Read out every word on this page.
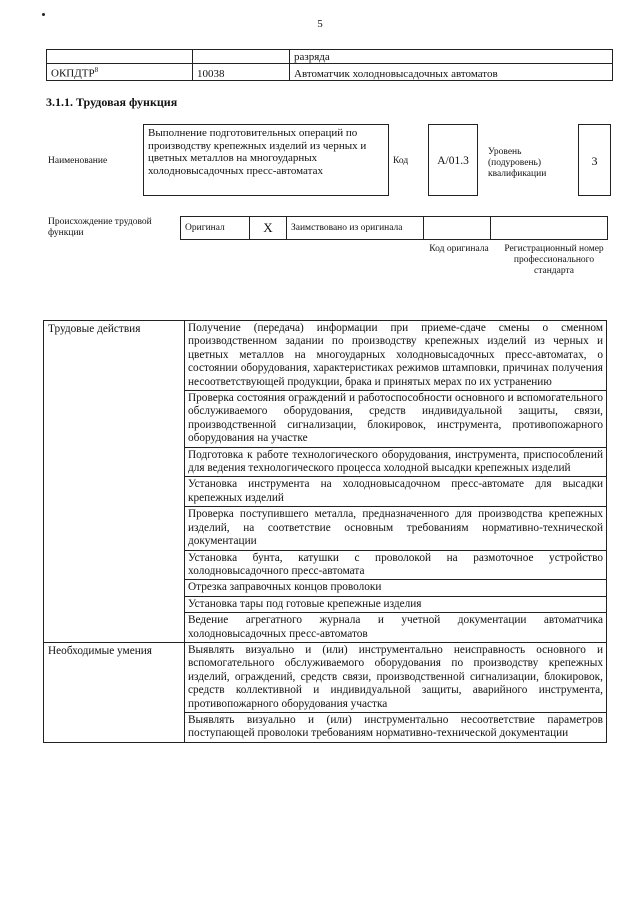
5
		разряда
ОКПДТР$^8$	10038	Автоматчик холодновысадочных автоматов
3.1.1. Трудовая функция
Наименование
Выполнение подготовительных операций по производству крепежных изделий из черных и цветных металлов на многоударных холодновысадочных пресс-автоматах
Код	A/01.3
Уровень (подуровень) квалификации
3
Происхождение трудовой функции	Оригинал	X	Заимствовано из оригинала		
Код оригинала Регистрационный номер профессионального стандарта
Трудовые действия	Получение (передача) информации при приеме-сдаче смены о сменном производственном задании по производству крепежных изделий из черных и цветных металлов на многоударных холодновысадочных пресс-автоматах, о состоянии оборудования, характеристиках режимов штамповки, причинах получения несоответствующей продукции, брака и принятых мерах по их устранению
	Проверка состояния ограждений и работоспособности основного и вспомогательного обслуживаемого оборудования, средств индивидуальной защиты, связи, производственной сигнализации, блокировок, инструмента, противопожарного оборудования на участке
	Подготовка к работе технологического оборудования, инструмента, приспособлений для ведения технологического процесса холодной высадки крепежных изделий
	Установка инструмента на холодновысадочном пресс-автомате для высадки крепежных изделий
	Проверка поступившего металла, предназначенного для производства крепежных изделий, на соответствие основным требованиям нормативно-технической документации
	Установка бунта, катушки с проволокой на размоточное устройство холодновысадочного пресс-автомата
	Отрезка заправочных концов проволоки
	Установка тары под готовые крепежные изделия
	Ведение агрегатного журнала и учетной документации автоматчика холодновысадочных пресс-автоматов
Необходимые умения	Выявлять визуально и (или) инструментально неисправность основного и вспомогательного обслуживаемого оборудования по производству крепежных изделий, ограждений, средств связи, производственной сигнализации, блокировок, средств коллективной и индивидуальной защиты, аварийного инструмента, противопожарного оборудования участка
	Выявлять визуально и (или) инструментально несоответствие параметров поступающей проволоки требованиям нормативно-технической документации
